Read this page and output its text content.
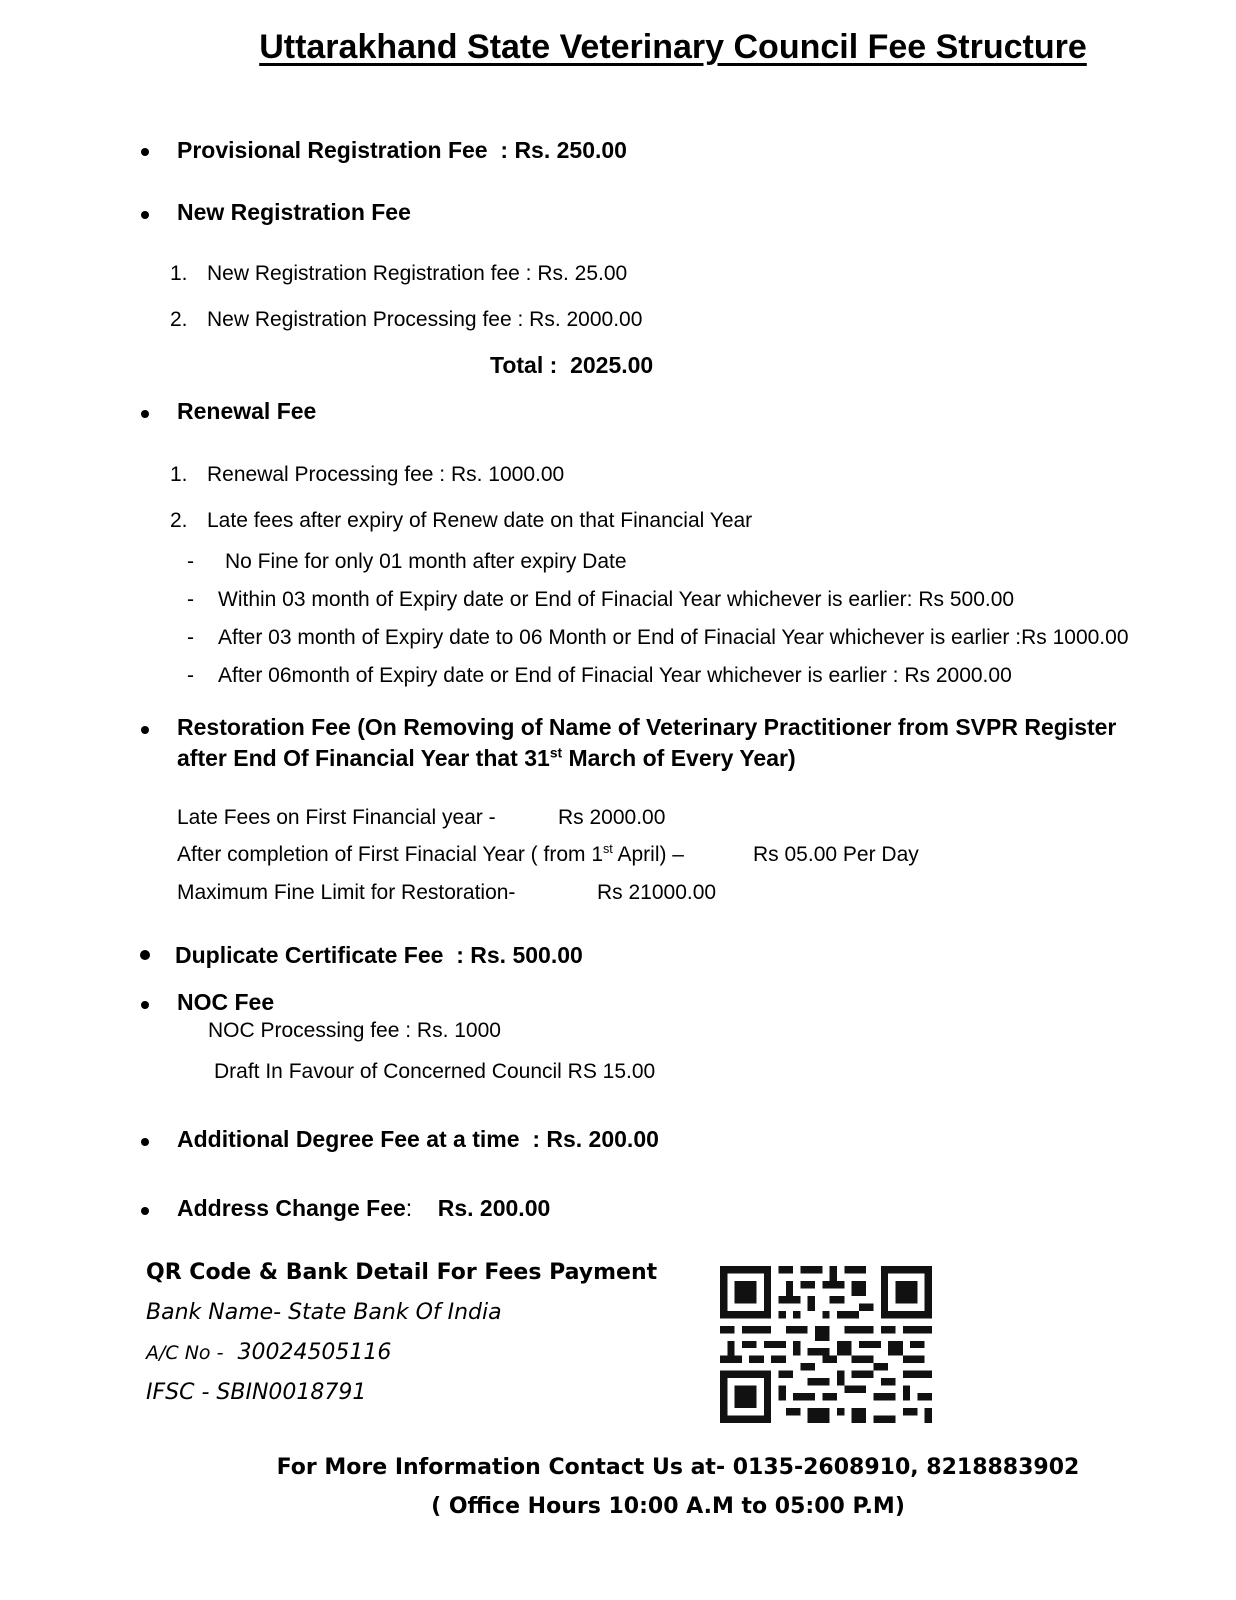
Uttarakhand State Veterinary Council Fee Structure
Provisional Registration Fee : Rs. 250.00
New Registration Fee
1. New Registration Registration fee : Rs. 25.00
2. New Registration Processing fee : Rs. 2000.00
Total : 2025.00
Renewal Fee
1. Renewal Processing fee : Rs. 1000.00
2. Late fees after expiry of Renew date on that Financial Year
- No Fine for only 01 month after expiry Date
- Within 03 month of Expiry date or End of Finacial Year whichever is earlier: Rs 500.00
- After 03 month of Expiry date to 06 Month or End of Finacial Year whichever is earlier :Rs 1000.00
- After 06month of Expiry date or End of Finacial Year whichever is earlier : Rs 2000.00
Restoration Fee (On Removing of Name of Veterinary Practitioner from SVPR Register
after End Of Financial Year that 31st March of Every Year)
Late Fees on First Financial year -	Rs 2000.00
After completion of First Finacial Year ( from 1st April) –	Rs 05.00 Per Day
Maximum Fine Limit for Restoration-	Rs 21000.00
Duplicate Certificate Fee : Rs. 500.00
NOC Fee
NOC Processing fee : Rs. 1000
Draft In Favour of Concerned Council RS 15.00
Additional Degree Fee at a time : Rs. 200.00
Address Change Fee: Rs. 200.00
QR Code & Bank Detail For Fees Payment
Bank Name- State Bank Of India
A/C No - 30024505116
IFSC - SBIN0018791
For More Information Contact Us at- 0135-2608910, 8218883902
( Office Hours 10:00 A.M to 05:00 P.M)
